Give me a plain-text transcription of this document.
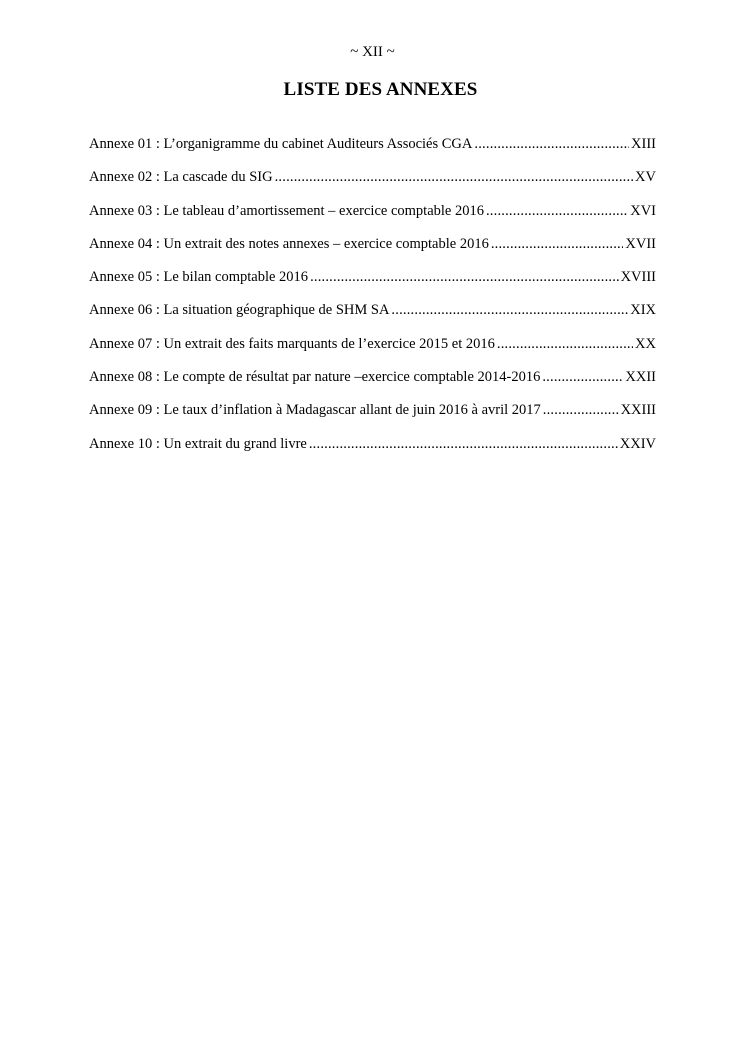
~ XII ~
LISTE DES ANNEXES
Annexe 01 : L’organigramme du cabinet Auditeurs Associés CGA .....	XIII
Annexe 02 : La cascade du SIG .....	XV
Annexe 03 : Le tableau d’amortissement – exercice comptable 2016 .....	XVI
Annexe 04 : Un extrait des notes annexes – exercice comptable 2016 .....	XVII
Annexe 05 : Le bilan comptable 2016 .....	XVIII
Annexe 06 : La situation géographique de SHM SA .....	XIX
Annexe 07 : Un extrait des faits marquants de l’exercice 2015 et 2016 .....	XX
Annexe 08 : Le compte de résultat par nature –exercice comptable 2014-2016 .....	XXII
Annexe 09 : Le taux d’inflation à Madagascar allant de juin 2016 à avril 2017 .....	XXIII
Annexe 10 : Un extrait du grand livre .....	XXIV
